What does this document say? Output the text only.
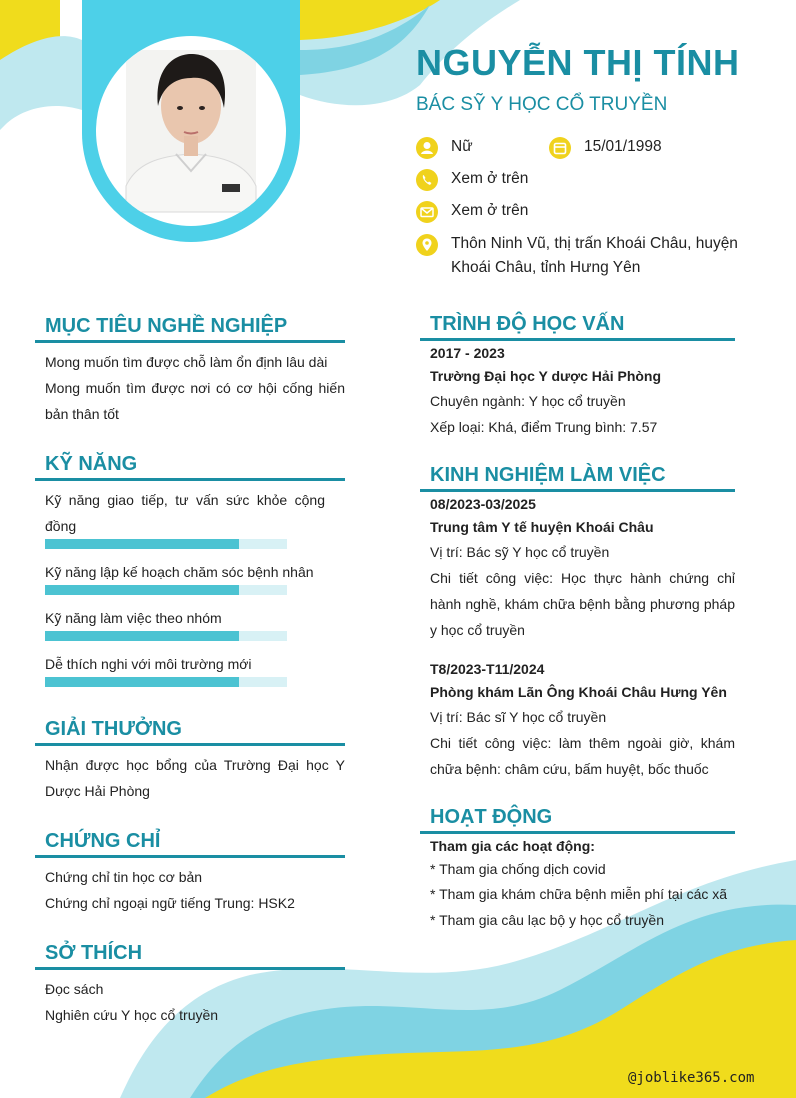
NGUYỄN THỊ TÍNH
BÁC SỸ Y HỌC CỔ TRUYỀN
Nữ	15/01/1998
Xem ở trên
Xem ở trên
Thôn Ninh Vũ, thị trấn Khoái Châu, huyện Khoái Châu, tỉnh Hưng Yên
MỤC TIÊU NGHỀ NGHIỆP
Mong muốn tìm được chỗ làm ổn định lâu dài
Mong muốn tìm được nơi có cơ hội cống hiến bản thân tốt
KỸ NĂNG
Kỹ năng giao tiếp, tư vấn sức khỏe cộng đồng
Kỹ năng lập kế hoạch chăm sóc bệnh nhân
Kỹ năng làm việc theo nhóm
Dễ thích nghi với môi trường mới
GIẢI THƯỞNG
Nhận được học bổng của Trường Đại học Y Dược Hải Phòng
CHỨNG CHỈ
Chứng chỉ tin học cơ bản
Chứng chỉ ngoại ngữ tiếng Trung: HSK2
SỞ THÍCH
Đọc sách
Nghiên cứu Y học cổ truyền
TRÌNH ĐỘ HỌC VẤN
2017 - 2023
Trường Đại học Y dược Hải Phòng
Chuyên ngành: Y học cổ truyền
Xếp loại: Khá, điểm Trung bình: 7.57
KINH NGHIỆM LÀM VIỆC
08/2023-03/2025
Trung tâm Y tế huyện Khoái Châu
Vị trí: Bác sỹ Y học cổ truyền
Chi tiết công việc: Học thực hành chứng chỉ hành nghề, khám chữa bệnh bằng phương pháp y học cổ truyền
T8/2023-T11/2024
Phòng khám Lãn Ông Khoái Châu Hưng Yên
Vị trí: Bác sĩ Y học cổ truyền
Chi tiết công việc: làm thêm ngoài giờ, khám chữa bệnh: châm cứu, bấm huyệt, bốc thuốc
HOẠT ĐỘNG
Tham gia các hoạt động:
* Tham gia chống dịch covid
* Tham gia khám chữa bệnh miễn phí tại các xã
* Tham gia câu lạc bộ y học cổ truyền
@joblike365.com
